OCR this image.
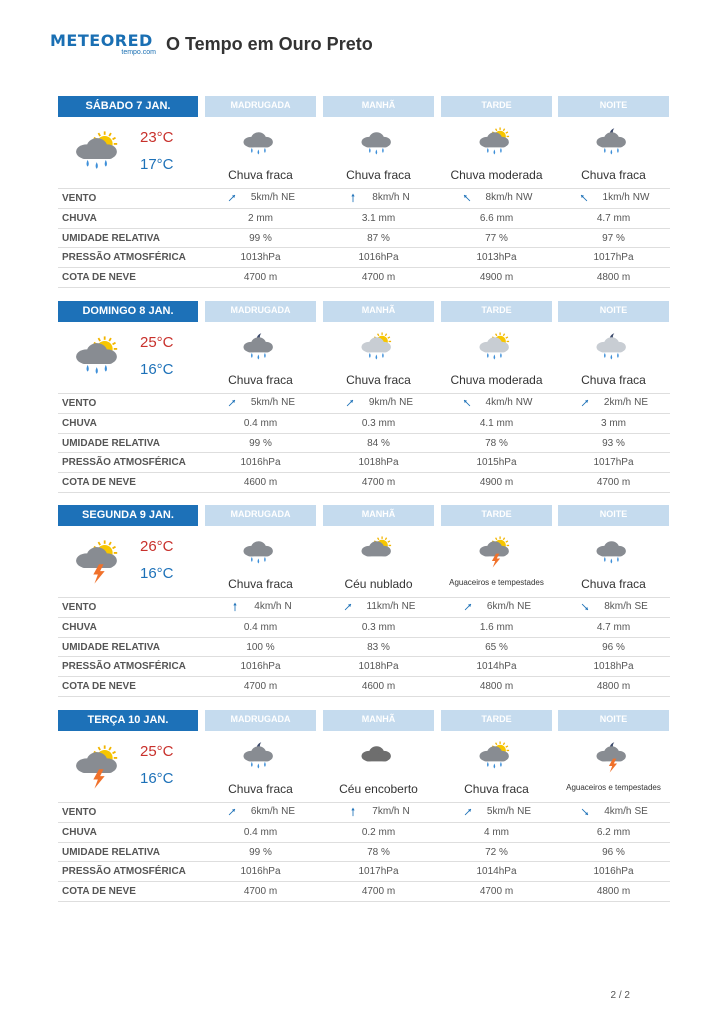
METEORED
tempo.com O Tempo em Ouro Preto
SÁBADO 7 JAN.
23°C
17°C
MADRUGADA
Chuva fraca
5km/h NE
2 mm
99 %
1013hPa
4700 m
MANHÃ
Chuva fraca
8km/h N
3.1 mm
87 %
1016hPa
4700 m
TARDE
Chuva moderada
8km/h NW
6.6 mm
77 %
1013hPa
4900 m
NOITE
Chuva fraca
1km/h NW
4.7 mm
97 %
1017hPa
4800 m
VENTO
CHUVA
UMIDADE RELATIVA
PRESSÃO ATMOSFÉRICA
COTA DE NEVE
DOMINGO 8 JAN.
25°C
16°C
MADRUGADA
Chuva fraca
5km/h NE
0.4 mm
99 %
1016hPa
4600 m
MANHÃ
Chuva fraca
9km/h NE
0.3 mm
84 %
1018hPa
4700 m
TARDE
Chuva moderada
4km/h NW
4.1 mm
78 %
1015hPa
4900 m
NOITE
Chuva fraca
2km/h NE
3 mm
93 %
1017hPa
4700 m
VENTO
CHUVA
UMIDADE RELATIVA
PRESSÃO ATMOSFÉRICA
COTA DE NEVE
SEGUNDA 9 JAN.
26°C
16°C
MADRUGADA
Chuva fraca
4km/h N
0.4 mm
100 %
1016hPa
4700 m
MANHÃ
Céu nublado
11km/h NE
0.3 mm
83 %
1018hPa
4600 m
TARDE
Aguaceiros e tempestades
6km/h NE
1.6 mm
65 %
1014hPa
4800 m
NOITE
Chuva fraca
8km/h SE
4.7 mm
96 %
1018hPa
4800 m
VENTO
CHUVA
UMIDADE RELATIVA
PRESSÃO ATMOSFÉRICA
COTA DE NEVE
TERÇA 10 JAN.
25°C
16°C
MADRUGADA
Chuva fraca
6km/h NE
0.4 mm
99 %
1016hPa
4700 m
MANHÃ
Céu encoberto
7km/h N
0.2 mm
78 %
1017hPa
4700 m
TARDE
Chuva fraca
5km/h NE
4 mm
72 %
1014hPa
4700 m
NOITE
Aguaceiros e tempestades
4km/h SE
6.2 mm
96 %
1016hPa
4800 m
VENTO
CHUVA
UMIDADE RELATIVA
PRESSÃO ATMOSFÉRICA
COTA DE NEVE
2 / 2
